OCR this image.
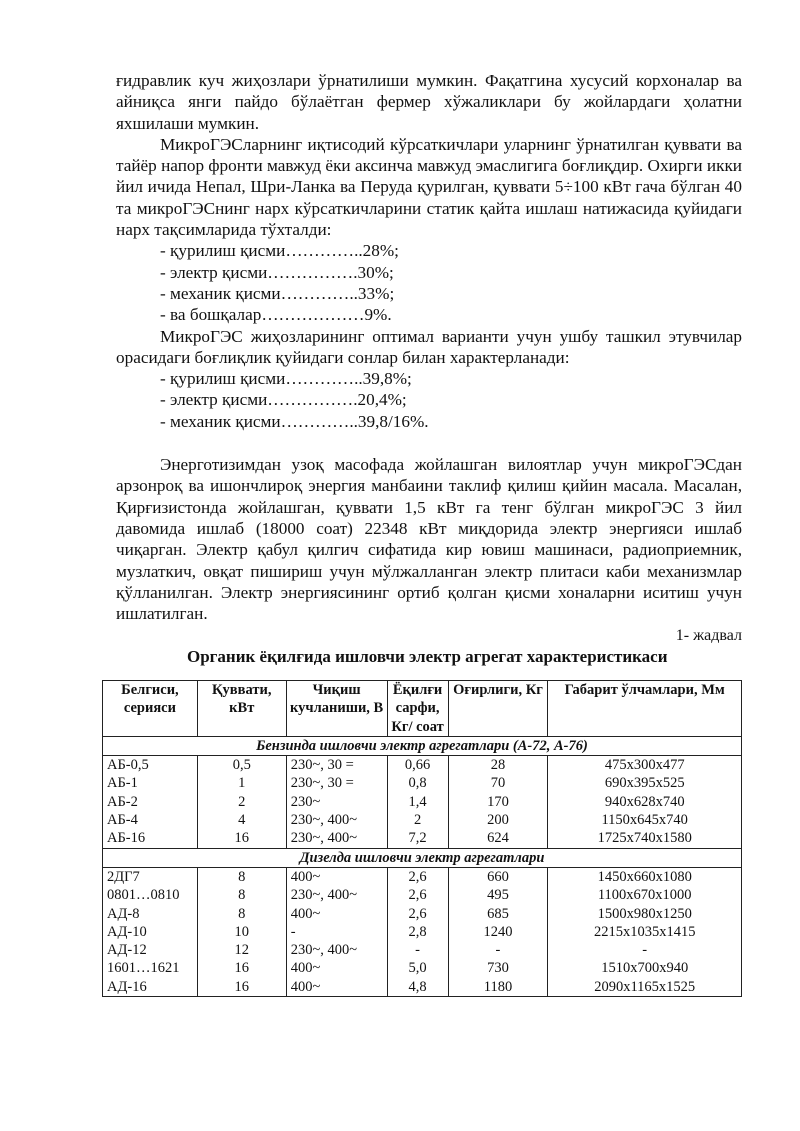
ғидравлик куч жиҳозлари ўрнатилиши мумкин. Фақатгина хусусий корхоналар ва айниқса янги пайдо бўлаётган фермер хўжаликлари бу жойлардаги ҳолатни яхшилаши мумкин.

МикроГЭСларнинг иқтисодий кўрсаткичлари уларнинг ўрнатилган қуввати ва тайёр напор фронти мавжуд ёки аксинча мавжуд эмаслигига боғлиқдир. Охирги икки йил ичида Непал, Шри-Ланка ва Перуда қурилган, қуввати 5÷100 кВт гача бўлган 40 та микроГЭСнинг нарх кўрсаткичларини статик қайта ишлаш натижасида қуйидаги нарх тақсимларида тўхталди:

- қурилиш қисми…………..28%;

- электр қисми…………….30%;

- механик қисми…………..33%;

- ва бошқалар………………9%.

МикроГЭС жиҳозларининг оптимал варианти учун ушбу ташкил этувчилар орасидаги боғлиқлик қуйидаги сонлар билан характерланади:

- қурилиш қисми…………..39,8%;

- электр қисми…………….20,4%;

- механик қисми…………..39,8/16%.

Энерготизимдан узоқ масофада жойлашган вилоятлар учун микроГЭСдан арзонроқ ва ишончлироқ энергия манбаини таклиф қилиш қийин масала. Масалан, Қирғизистонда жойлашган, қуввати 1,5 кВт га тенг бўлган микроГЭС 3 йил давомида ишлаб (18000 соат) 22348 кВт миқдорида электр энергияси ишлаб чиқарган. Электр қабул қилгич сифатида кир ювиш машинаси, радиоприемник, музлаткич, овқат пишириш учун мўлжалланган электр плитаси каби механизмлар қўлланилган. Электр энергиясининг ортиб қолган қисми хоналарни иситиш учун ишлатилган.

1- жадвал

Органик ёқилғида ишловчи электр агрегат характеристикаси

Белгиси, серияси	Қуввати, кВт	Чиқиш кучланиши, В	Ёқилғи сарфи, Кг/ соат	Оғирлиги, Кг	Габарит ўлчамлари, Мм
Бензинда ишловчи электр агрегатлари (А-72, А-76)					
АБ-0,5	0,5	230~, 30 =	0,66	28	475х300х477
АБ-1	1	230~, 30 =	0,8	70	690х395х525
АБ-2	2	230~	1,4	170	940х628х740
АБ-4	4	230~, 400~	2	200	1150х645х740
АБ-16	16	230~, 400~	7,2	624	1725х740х1580
Дизелда ишловчи электр агрегатлари					
2ДГ7	8	400~	2,6	660	1450х660х1080
0801…0810	8	230~, 400~	2,6	495	1100х670х1000
АД-8	8	400~	2,6	685	1500х980х1250
АД-10	10	-	2,8	1240	2215х1035х1415
АД-12	12	230~, 400~	-	-	-
1601…1621	16	400~	5,0	730	1510х700х940
АД-16	16	400~	4,8	1180	2090х1165х1525
